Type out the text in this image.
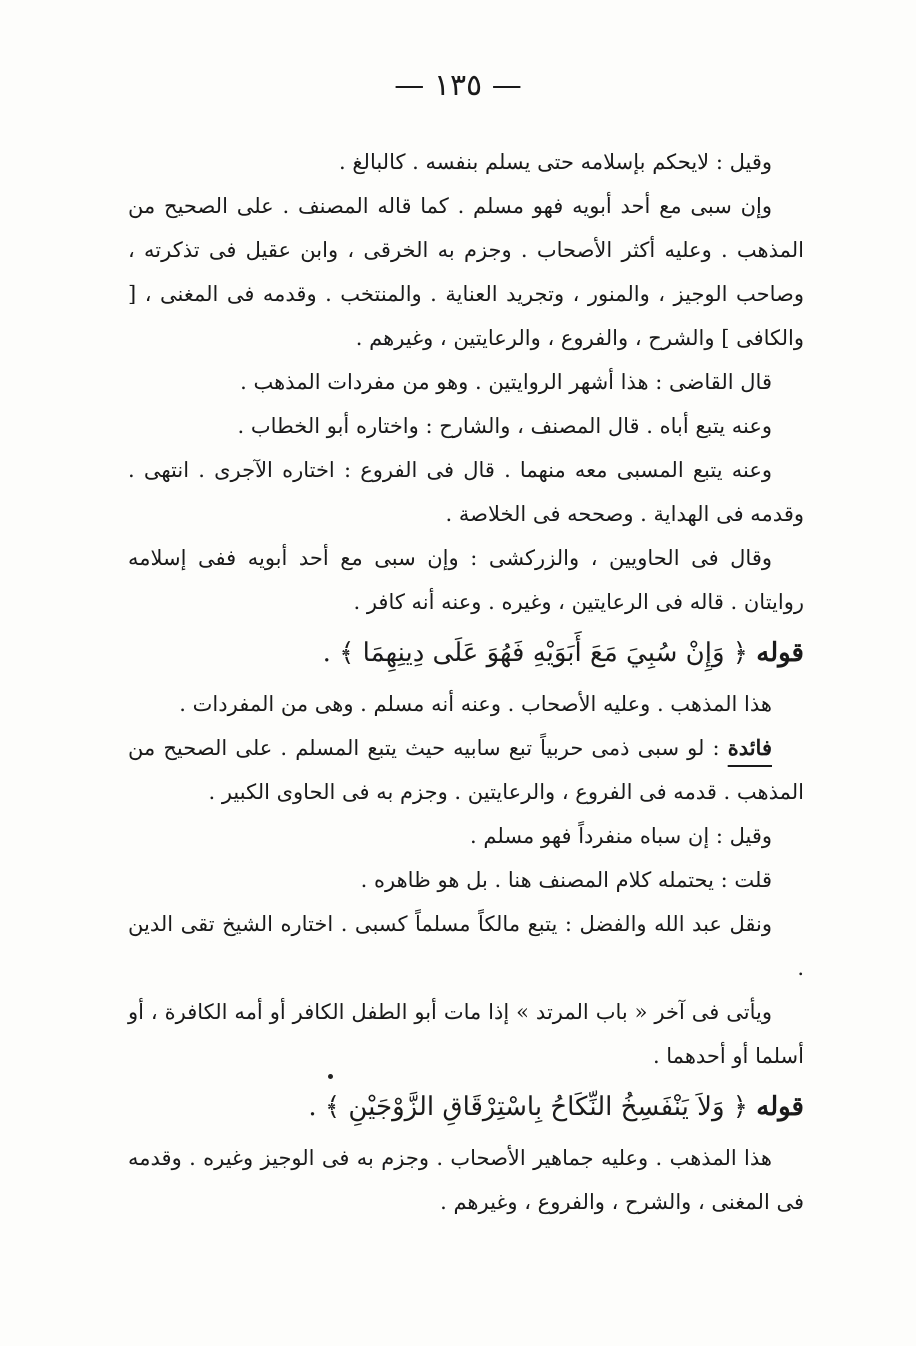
— ١٣٥ —

وقيل : لايحكم بإسلامه حتى يسلم بنفسه . كالبالغ .

وإن سبى مع أحد أبويه فهو مسلم . كما قاله المصنف . على الصحيح من المذهب . وعليه أكثر الأصحاب . وجزم به الخرقى ، وابن عقيل فى تذكرته ، وصاحب الوجيز ، والمنور ، وتجريد العناية . والمنتخب . وقدمه فى المغنى ، [ والكافى ] والشرح ، والفروع ، والرعايتين ، وغيرهم .

قال القاضى : هذا أشهر الروايتين . وهو من مفردات المذهب .

وعنه يتبع أباه . قال المصنف ، والشارح : واختاره أبو الخطاب .

وعنه يتبع المسبى معه منهما . قال فى الفروع : اختاره الآجرى . انتهى . وقدمه فى الهداية . وصححه فى الخلاصة .

وقال فى الحاويين ، والزركشى : وإن سبى مع أحد أبويه ففى إسلامه روايتان . قاله فى الرعايتين ، وغيره . وعنه أنه كافر .

قوله ﴿ وَإِنْ سُبِيَ مَعَ أَبَوَيْهِ فَهُوَ عَلَى دِينِهِمَا ﴾ .

هذا المذهب . وعليه الأصحاب . وعنه أنه مسلم . وهى من المفردات .

فائدة : لو سبى ذمى حربياً تبع سابيه حيث يتبع المسلم . على الصحيح من المذهب . قدمه فى الفروع ، والرعايتين . وجزم به فى الحاوى الكبير .

وقيل : إن سباه منفرداً فهو مسلم .

قلت : يحتمله كلام المصنف هنا . بل هو ظاهره .

ونقل عبد الله والفضل : يتبع مالكاً مسلماً كسبى . اختاره الشيخ تقى الدين .

ويأتى فى آخر « باب المرتد » إذا مات أبو الطفل الكافر أو أمه الكافرة ، أو أسلما أو أحدهما .

قوله ﴿ وَلاَ يَنْفَسِخُ النِّكَاحُ بِاسْتِرْقَاقِ الزَّوْجَيْنِ ﴾ .

هذا المذهب . وعليه جماهير الأصحاب . وجزم به فى الوجيز وغيره . وقدمه فى المغنى ، والشرح ، والفروع ، وغيرهم .
